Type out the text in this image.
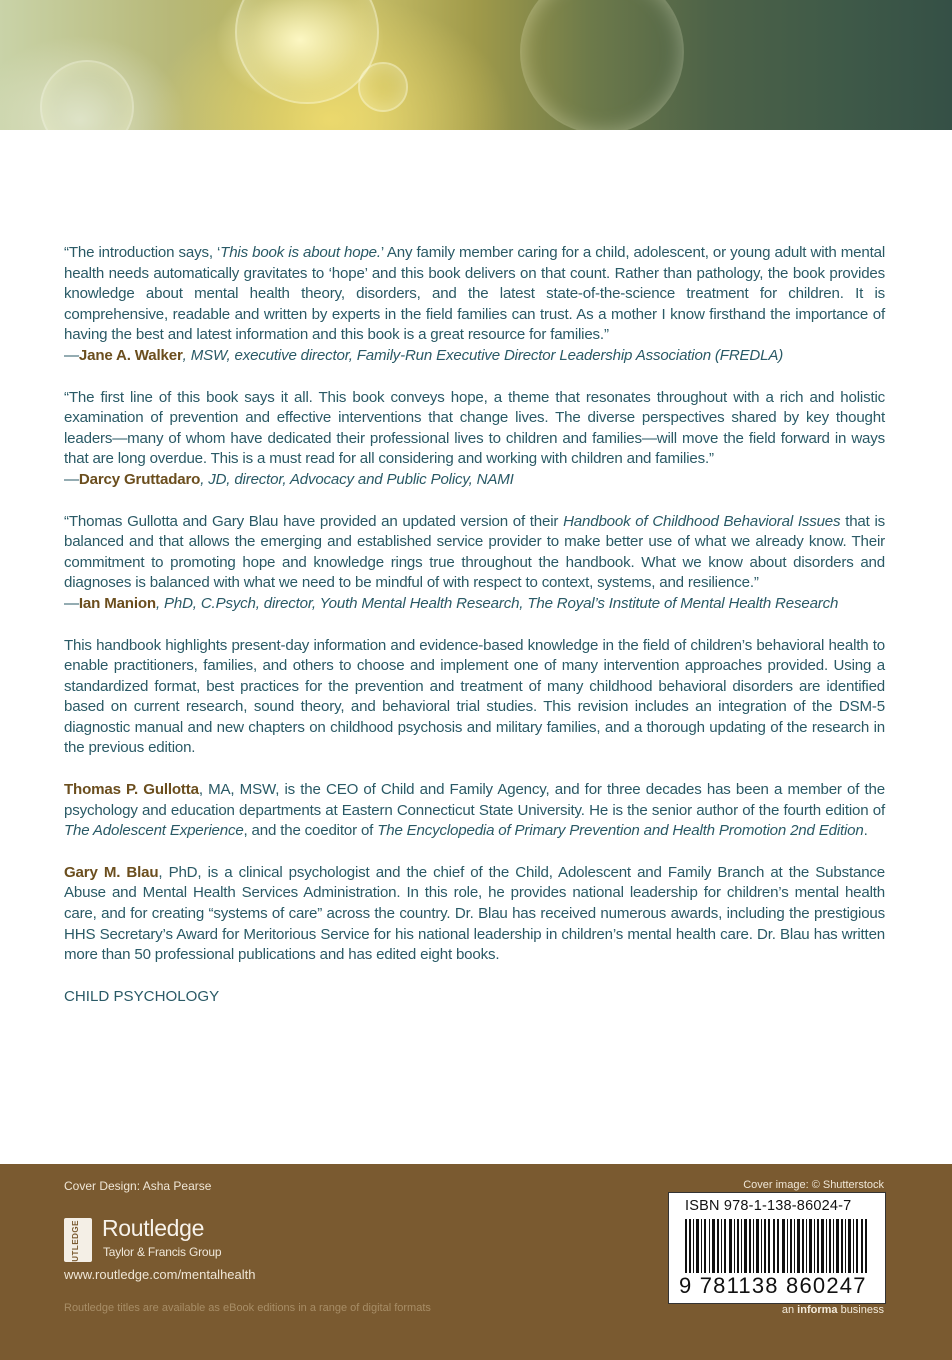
“The introduction says, ‘This book is about hope.’ Any family member caring for a child, adolescent, or young adult with mental health needs automatically gravitates to ‘hope’ and this book delivers on that count. Rather than pathology, the book provides knowledge about mental health theory, disorders, and the latest state-of-the-science treatment for children. It is comprehensive, readable and written by experts in the field families can trust. As a mother I know firsthand the importance of having the best and latest information and this book is a great resource for families.”

—Jane A. Walker, MSW, executive director, Family-Run Executive Director Leadership Association (FREDLA)

“The first line of this book says it all. This book conveys hope, a theme that resonates throughout with a rich and holistic examination of prevention and effective interventions that change lives. The diverse perspectives shared by key thought leaders—many of whom have dedicated their professional lives to children and families—will move the field forward in ways that are long overdue. This is a must read for all considering and working with children and families.”

—Darcy Gruttadaro, JD, director, Advocacy and Public Policy, NAMI

“Thomas Gullotta and Gary Blau have provided an updated version of their Handbook of Childhood Behavioral Issues that is balanced and that allows the emerging and established service provider to make better use of what we already know. Their commitment to promoting hope and knowledge rings true throughout the handbook. What we know about disorders and diagnoses is balanced with what we need to be mindful of with respect to context, systems, and resilience.”

—Ian Manion, PhD, C.Psych, director, Youth Mental Health Research, The Royal’s Institute of Mental Health Research

This handbook highlights present-day information and evidence-based knowledge in the field of children’s behavioral health to enable practitioners, families, and others to choose and implement one of many intervention approaches provided. Using a standardized format, best practices for the prevention and treatment of many childhood behavioral disorders are identified based on current research, sound theory, and behavioral trial studies. This revision includes an integration of the DSM-5 diagnostic manual and new chapters on childhood psychosis and military families, and a thorough updating of the research in the previous edition.

Thomas P. Gullotta, MA, MSW, is the CEO of Child and Family Agency, and for three decades has been a member of the psychology and education departments at Eastern Connecticut State University. He is the senior author of the fourth edition of The Adolescent Experience, and the coeditor of The Encyclopedia of Primary Prevention and Health Promotion 2nd Edition.

Gary M. Blau, PhD, is a clinical psychologist and the chief of the Child, Adolescent and Family Branch at the Substance Abuse and Mental Health Services Administration. In this role, he provides national leadership for children’s mental health care, and for creating “systems of care” across the country. Dr. Blau has received numerous awards, including the prestigious HHS Secretary’s Award for Meritorious Service for his national leadership in children’s mental health care. Dr. Blau has written more than 50 professional publications and has edited eight books.

CHILD PSYCHOLOGY

Cover Design: Asha Pearse	Cover image: © Shutterstock
ROUTLEDGE Routledge
Taylor & Francis Group
www.routledge.com/mentalhealth
Routledge titles are available as eBook editions in a range of digital formats
ISBN 978-1-138-86024-7
9 781138 860247
an informa business
